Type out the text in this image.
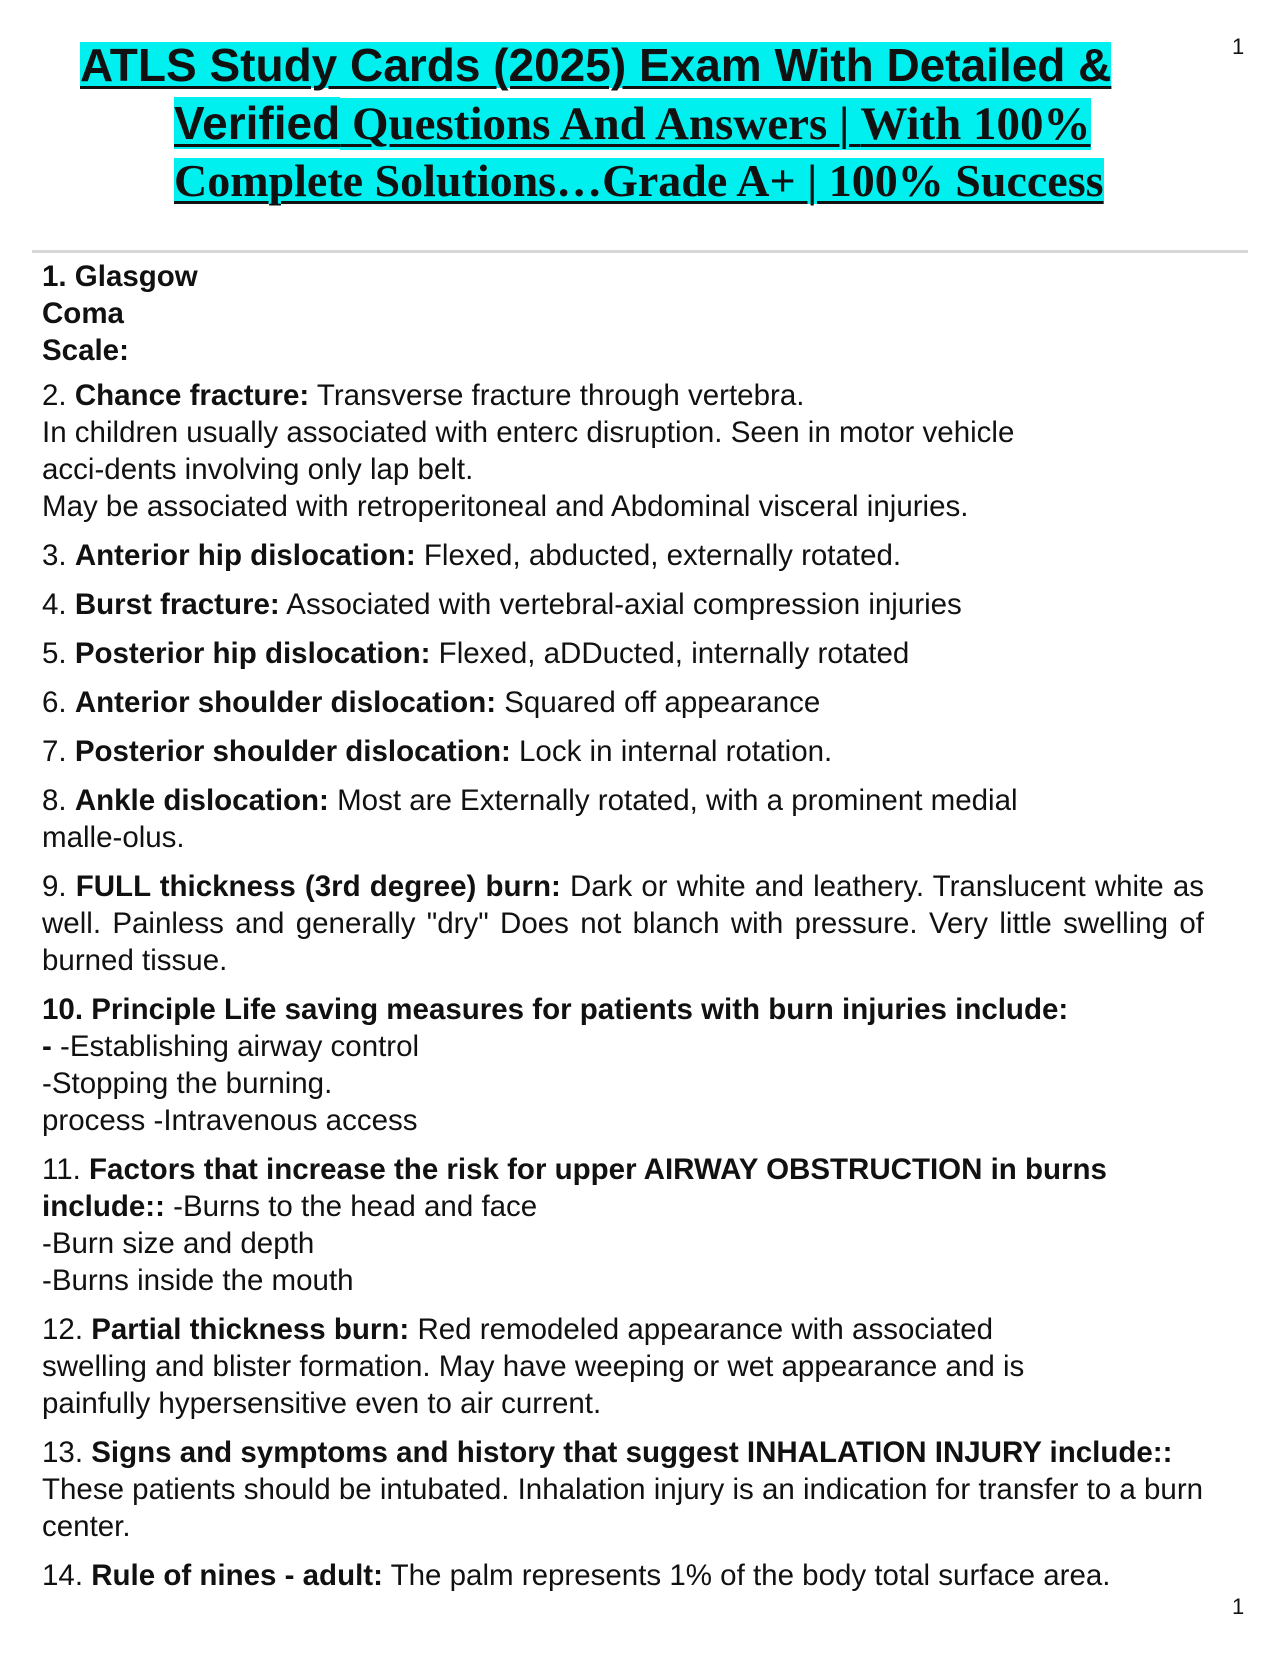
1
ATLS Study Cards (2025) Exam With Detailed &
Verified Questions And Answers | With 100%
Complete Solutions…Grade A+ | 100% Success
1. Glasgow
Coma
Scale:
2. Chance fracture: Transverse fracture through vertebra.
In children usually associated with enterc disruption. Seen in motor vehicle
acci-dents involving only lap belt.
May be associated with retroperitoneal and Abdominal visceral injuries.
3. Anterior hip dislocation: Flexed, abducted, externally rotated.
4. Burst fracture: Associated with vertebral-axial compression injuries
5. Posterior hip dislocation: Flexed, aDDucted, internally rotated
6. Anterior shoulder dislocation: Squared off appearance
7. Posterior shoulder dislocation: Lock in internal rotation.
8. Ankle dislocation: Most are Externally rotated, with a prominent medial
malle-olus.
9. FULL thickness (3rd degree) burn: Dark or white and leathery. Translucent white as well. Painless and generally "dry" Does not blanch with pressure. Very little swelling of burned tissue.
10. Principle Life saving measures for patients with burn injuries include:
- -Establishing airway control
-Stopping the burning.
process -Intravenous access
11. Factors that increase the risk for upper AIRWAY OBSTRUCTION in burns include:: -Burns to the head and face
-Burn size and depth
-Burns inside the mouth
12. Partial thickness burn: Red remodeled appearance with associated
swelling and blister formation. May have weeping or wet appearance and is
painfully hypersensitive even to air current.
13. Signs and symptoms and history that suggest INHALATION INJURY include:: These patients should be intubated. Inhalation injury is an indication for transfer to a burn center.
14. Rule of nines - adult: The palm represents 1% of the body total surface area.
1
